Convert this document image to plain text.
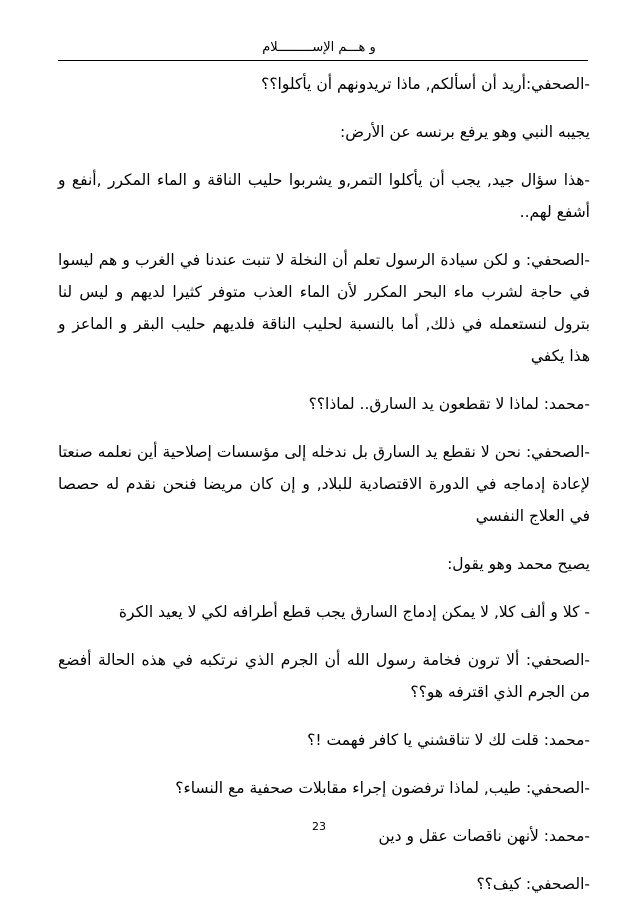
و هـــم الإســـــــــلام

-الصحفي:أريد أن أسألكم, ماذا تريدونهم أن يأكلوا؟؟

يجيبه النبي وهو يرفع برنسه عن الأرض:

-هذا سؤال جيد, يجب أن يأكلوا التمر,و يشربوا حليب الناقة و الماء المكرر ,أنفع و أشفع لهم..

-الصحفي: و لكن سيادة الرسول تعلم أن النخلة لا تنبت عندنا في الغرب و هم ليسوا في حاجة لشرب ماء البحر المكرر لأن الماء العذب متوفر كثيرا لديهم و ليس لنا بترول لنستعمله في ذلك, أما بالنسبة لحليب الناقة فلديهم حليب البقر و الماعز و هذا يكفي

-محمد: لماذا لا تقطعون يد السارق.. لماذا؟؟

-الصحفي: نحن لا نقطع يد السارق بل ندخله إلى مؤسسات إصلاحية أين نعلمه صنعتا لإعادة إدماجه في الدورة الاقتصادية للبلاد, و إن كان مريضا فنحن نقدم له حصصا في العلاج النفسي

يصيح محمد وهو يقول:

- كلا و ألف كلا, لا يمكن إدماج السارق يجب قطع أطرافه لكي لا يعيد الكرة

-الصحفي: ألا ترون فخامة رسول الله أن الجرم الذي نرتكبه في هذه الحالة أفضع من الجرم الذي اقترفه هو؟؟

-محمد: قلت لك لا تناقشني يا كافر فهمت !؟

-الصحفي: طيب, لماذا ترفضون إجراء مقابلات صحفية مع النساء؟

-محمد: لأنهن ناقصات عقل و دين

-الصحفي: كيف؟؟

23
